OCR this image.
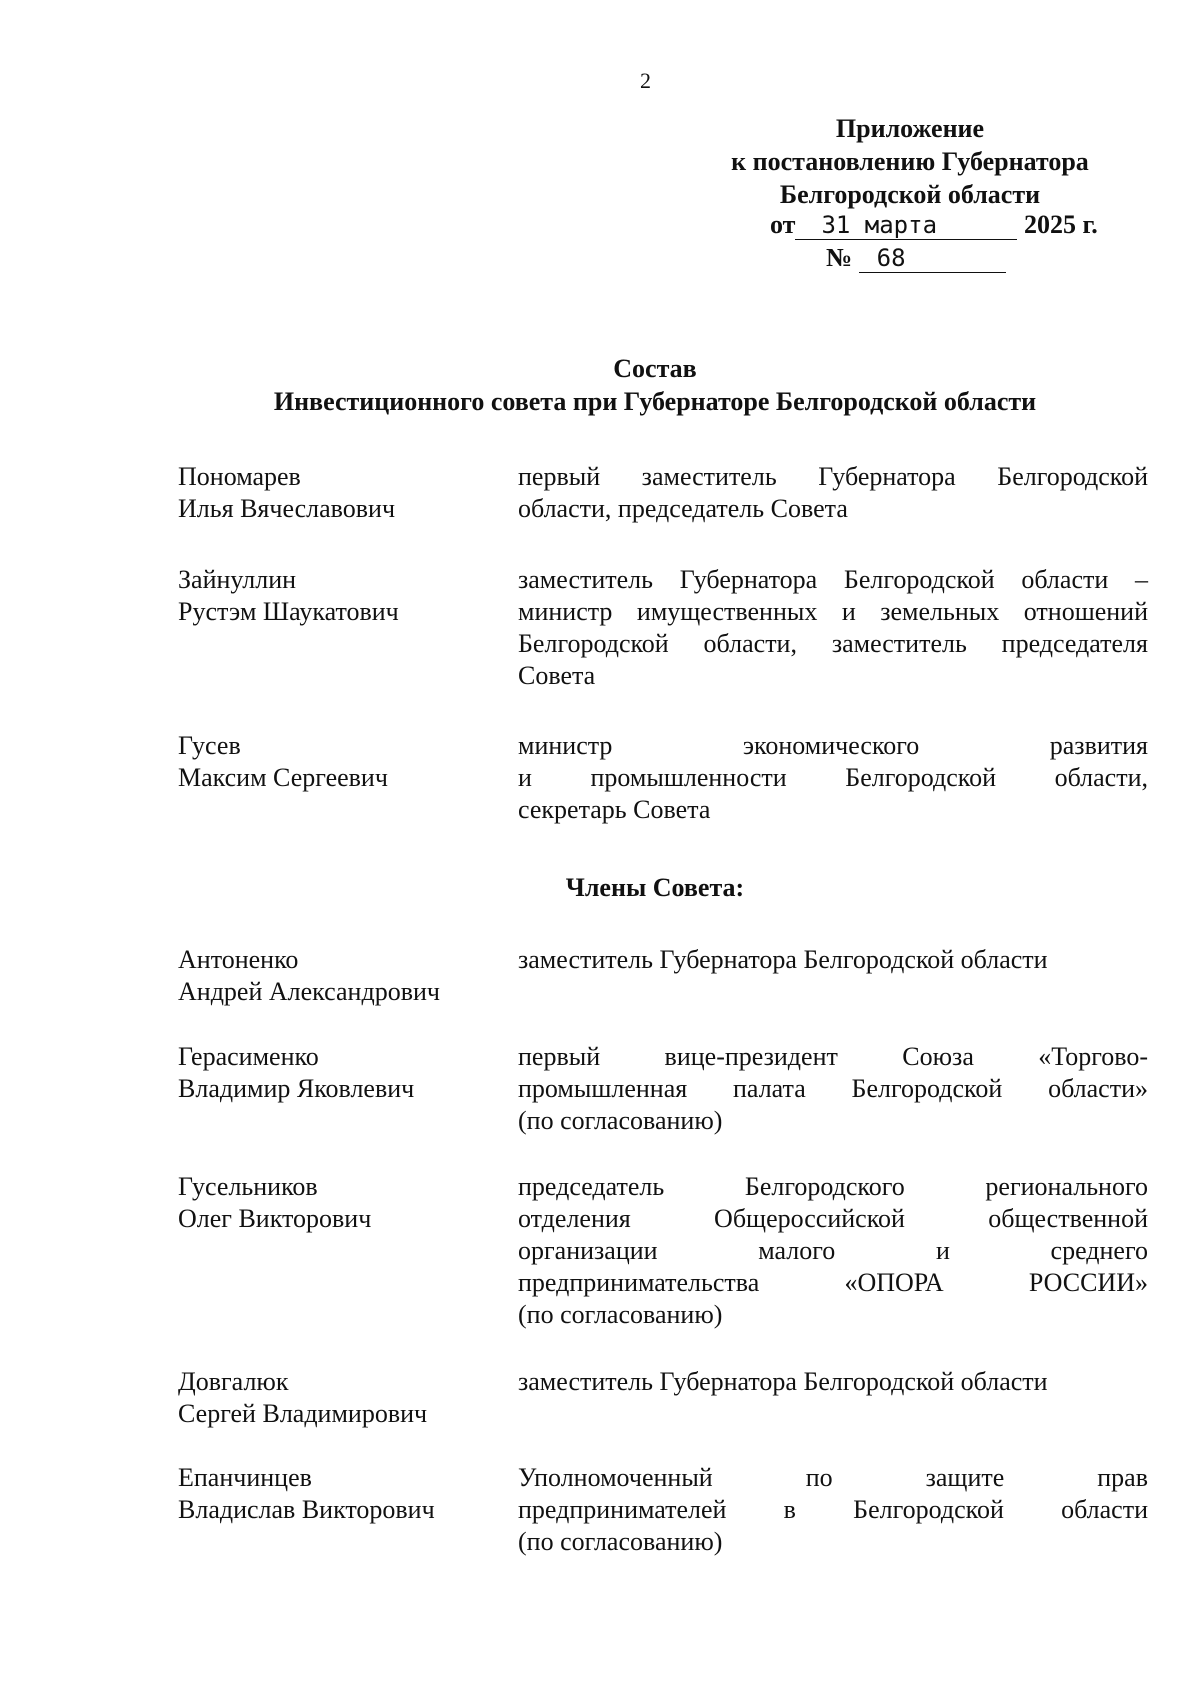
2
Приложение
к постановлению Губернатора
Белгородской области
от 31 марта	2025 г.
№ 68
Состав
Инвестиционного совета при Губернаторе Белгородской области
Пономарев
Илья Вячеславович
первый заместитель Губернатора Белгородской
области, председатель Совета
Зайнуллин
Рустэм Шаукатович
заместитель Губернатора Белгородской области –
министр имущественных и земельных отношений
Белгородской области, заместитель председателя
Совета
Гусев
Максим Сергеевич
министр экономического развития
и промышленности Белгородской области,
секретарь Совета
Члены Совета:
Антоненко
Андрей Александрович
заместитель Губернатора Белгородской области
Герасименко
Владимир Яковлевич
первый вице-президент Союза «Торгово-
промышленная палата Белгородской области»
(по согласованию)
Гусельников
Олег Викторович
председатель Белгородского регионального
отделения Общероссийской общественной
организации малого и среднего
предпринимательства «ОПОРА РОССИИ»
(по согласованию)
Довгалюк
Сергей Владимирович
заместитель Губернатора Белгородской области
Епанчинцев
Владислав Викторович
Уполномоченный по защите прав
предпринимателей в Белгородской области
(по согласованию)
